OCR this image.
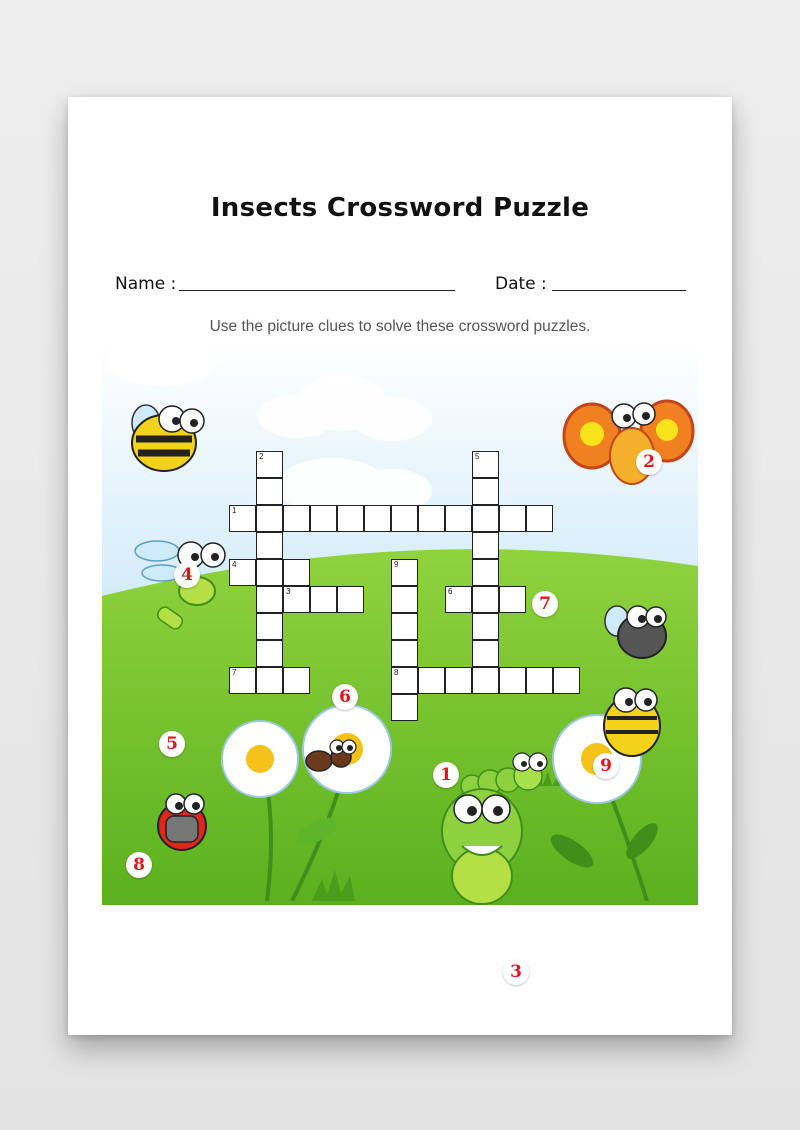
Insects Crossword Puzzle
Name :	Date :
Use the picture clues to solve these crossword puzzles.
1
2
4
3
7
5
6
9
8
1
2
3
4
5
6
7
8
9
